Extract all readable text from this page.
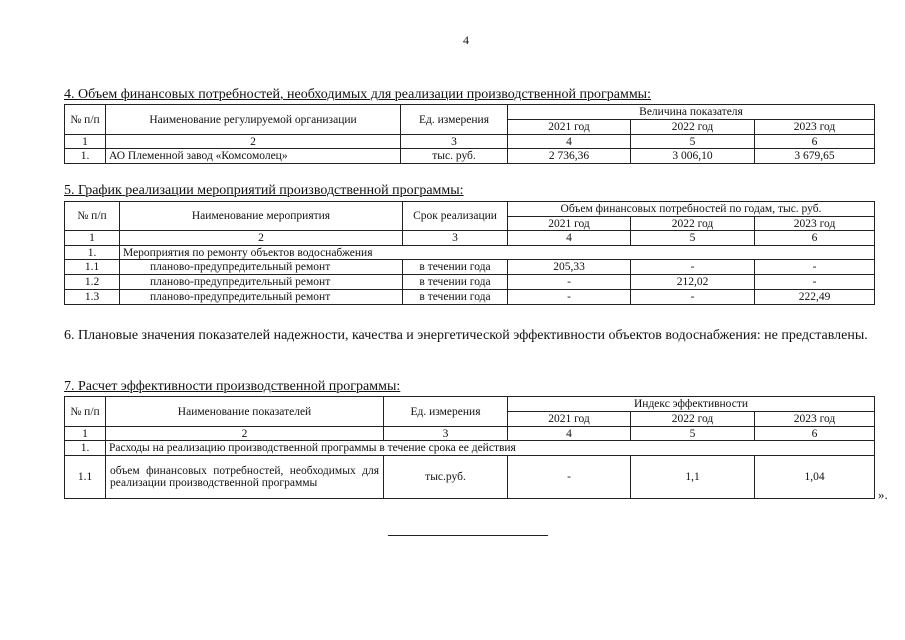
4
4. Объем финансовых потребностей, необходимых для реализации производственной программы:
№ п/п	Наименование регулируемой организации	Ед. измерения	Величина показателя		
			2021 год	2022 год	2023 год
1	2	3	4	5	6
1.	АО Племенной завод «Комсомолец»	тыс. руб.	2 736,36	3 006,10	3 679,65
5. График реализации мероприятий производственной программы:
№ п/п	Наименование мероприятия	Срок реализации	Объем финансовых потребностей по годам, тыс. руб.		
			2021 год	2022 год	2023 год
1	2	3	4	5	6
1.	Мероприятия по ремонту объектов водоснабжения				
1.1	планово-предупредительный ремонт	в течении года	205,33	-	-
1.2	планово-предупредительный ремонт	в течении года	-	212,02	-
1.3	планово-предупредительный ремонт	в течении года	-	-	222,49
6. Плановые значения показателей надежности, качества и энергетической эффективности объектов водоснабжения: не представлены.
7. Расчет эффективности производственной программы:
№ п/п	Наименование показателей	Ед. измерения	Индекс эффективности		
			2021 год	2022 год	2023 год
1	2	3	4	5	6
1.	Расходы на реализацию производственной программы в течение срока ее действия				
1.1	объем финансовых потребностей, необходимых для реализации производственной программы	тыс.руб.	-	1,1	1,04
».
